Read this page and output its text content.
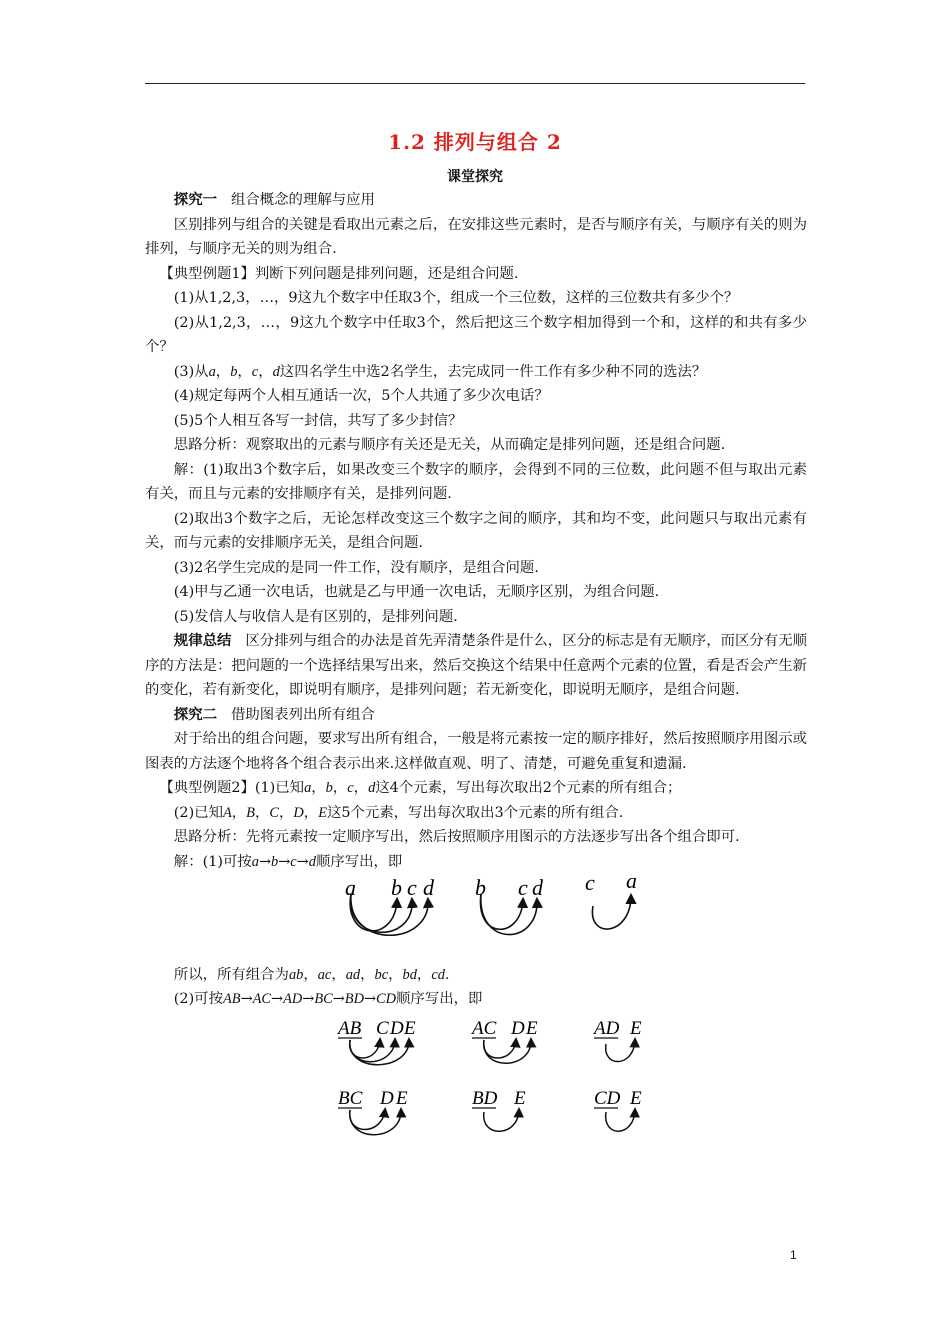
1.2 排列与组合 2
课堂探究

探究一 组合概念的理解与应用

区别排列与组合的关键是看取出元素之后，在安排这些元素时，是否与顺序有关，与顺序有关的则为排列，与顺序无关的则为组合.

【典型例题1】判断下列问题是排列问题，还是组合问题.

(1)从1,2,3，…，9这九个数字中任取3个，组成一个三位数，这样的三位数共有多少个？

(2)从1,2,3，…，9这九个数字中任取3个，然后把这三个数字相加得到一个和，这样的和共有多少个？

(3)从a，b，c，d这四名学生中选2名学生，去完成同一件工作有多少种不同的选法？

(4)规定每两个人相互通话一次，5个人共通了多少次电话？

(5)5个人相互各写一封信，共写了多少封信？

思路分析：观察取出的元素与顺序有关还是无关，从而确定是排列问题，还是组合问题.

解：(1)取出3个数字后，如果改变三个数字的顺序，会得到不同的三位数，此问题不但与取出元素有关，而且与元素的安排顺序有关，是排列问题.

(2)取出3个数字之后，无论怎样改变这三个数字之间的顺序，其和均不变，此问题只与取出元素有关，而与元素的安排顺序无关，是组合问题.

(3)2名学生完成的是同一件工作，没有顺序，是组合问题.

(4)甲与乙通一次电话，也就是乙与甲通一次电话，无顺序区别，为组合问题.

(5)发信人与收信人是有区别的，是排列问题.

规律总结 区分排列与组合的办法是首先弄清楚条件是什么，区分的标志是有无顺序，而区分有无顺序的方法是：把问题的一个选择结果写出来，然后交换这个结果中任意两个元素的位置，看是否会产生新的变化，若有新变化，即说明有顺序，是排列问题；若无新变化，即说明无顺序，是组合问题.

探究二 借助图表列出所有组合

对于给出的组合问题，要求写出所有组合，一般是将元素按一定的顺序排好，然后按照顺序用图示或图表的方法逐个地将各个组合表示出来.这样做直观、明了、清楚，可避免重复和遗漏.

【典型例题2】(1)已知a，b，c，d这4个元素，写出每次取出2个元素的所有组合；

(2)已知A，B，C，D，E这5个元素，写出每次取出3个元素的所有组合.

思路分析：先将元素按一定顺序写出，然后按照顺序用图示的方法逐步写出各个组合即可.

解：(1)可按a→b→c→d顺序写出，即

a b c d b c d c d

所以，所有组合为ab，ac，ad，bc，bd，cd.

(2)可按AB→AC→AD→BC→BD→CD顺序写出，即

AB C D E	AC D E	AD E
BC D E	BD E	CD E
1
